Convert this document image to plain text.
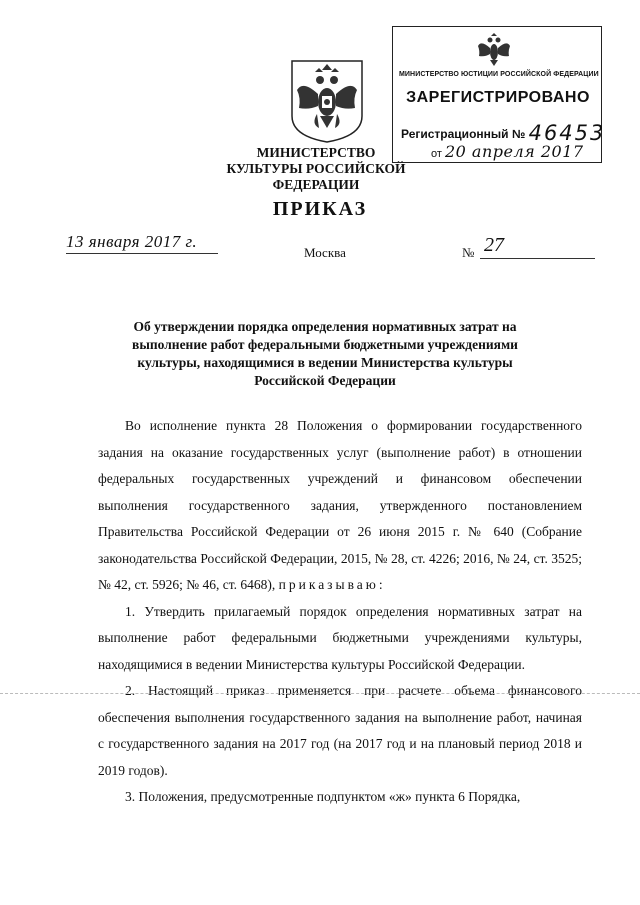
МИНИСТЕРСТВО КУЛЬТУРЫ РОССИЙСКОЙ ФЕДЕРАЦИИ
МИНИСТЕРСТВО ЮСТИЦИИ РОССИЙСКОЙ ФЕДЕРАЦИИ
ЗАРЕГИСТРИРОВАНО
Регистрационный № 46453
от 20 апреля 2017
ПРИКАЗ
13 января 2017 г.
Москва	№ 27
Об утверждении порядка определения нормативных затрат на выполнение работ федеральными бюджетными учреждениями культуры, находящимися в ведении Министерства культуры Российской Федерации

Во исполнение пункта 28 Положения о формировании государственного задания на оказание государственных услуг (выполнение работ) в отношении федеральных государственных учреждений и финансовом обеспечении выполнения государственного задания, утвержденного постановлением Правительства Российской Федерации от 26 июня 2015 г. № 640 (Собрание законодательства Российской Федерации, 2015, № 28, ст. 4226; 2016, № 24, ст. 3525; № 42, ст. 5926; № 46, ст. 6468), приказываю:

1. Утвердить прилагаемый порядок определения нормативных затрат на выполнение работ федеральными бюджетными учреждениями культуры, находящимися в ведении Министерства культуры Российской Федерации.

2. Настоящий приказ применяется при расчете объема финансового обеспечения выполнения государственного задания на выполнение работ, начиная с государственного задания на 2017 год (на 2017 год и на плановый период 2018 и 2019 годов).

3. Положения, предусмотренные подпунктом «ж» пункта 6 Порядка,
